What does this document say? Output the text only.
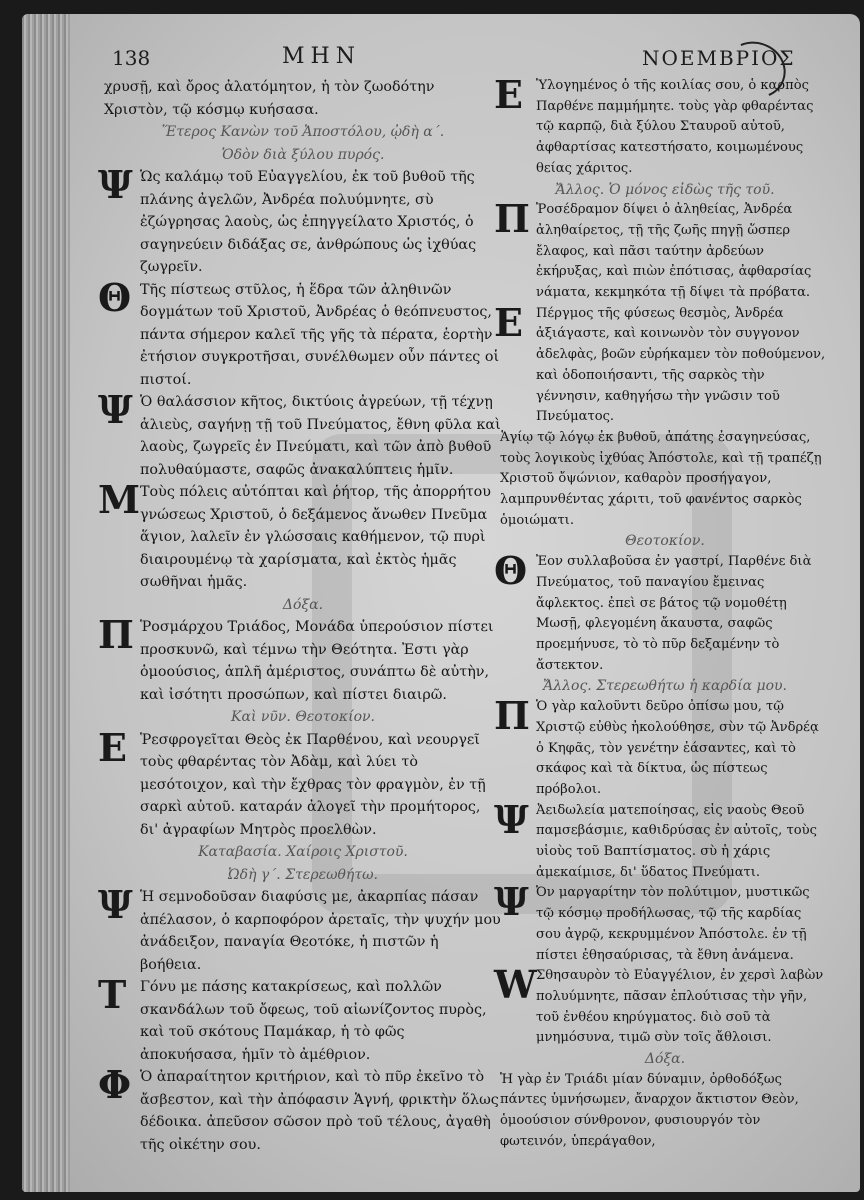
138	ΜΗΝ	ΝΟΕΜΒΡΙΟΣ

χρυσῇ, καὶ ὄρος ἀλατόμητον, ἡ τὸν ζωοδότην Χριστὸν, τῷ κόσμῳ κυήσασα.

Ἕτερος Κανὼν τοῦ Ἀποστόλου, ᾠδὴ α΄.

Ὁδὸν διὰ ξύλου πυρός.

Ψ Ὡς καλάμῳ τοῦ Εὐαγγελίου, ἐκ τοῦ βυθοῦ τῆς πλάνης ἀγελῶν, Ἀνδρέα πολυύμνητε, σὺ ἐζώγρησας λαοὺς, ὡς ἐπηγγείλατο Χριστός, ὁ σαγηνεύειν διδάξας σε, ἀνθρώπους ὡς ἰχθύας ζωγρεῖν.

Θ Τῆς πίστεως στῦλος, ἡ ἕδρα τῶν ἀληθινῶν δογμάτων τοῦ Χριστοῦ, Ἀνδρέας ὁ θεόπνευστος, πάντα σήμερον καλεῖ τῆς γῆς τὰ πέρατα, ἑορτὴν ἐτήσιον συγκροτῆσαι, συνέλθωμεν οὖν πάντες οἱ πιστοί.

Ψ Ὁ θαλάσσιον κῆτος, δικτύοις ἀγρεύων, τῇ τέχνῃ ἁλιεὺς, σαγήνῃ τῇ τοῦ Πνεύματος, ἔθνη φῦλα καὶ λαοὺς, ζωγρεῖς ἐν Πνεύματι, καὶ τῶν ἀπὸ βυθοῦ πολυθαύμαστε, σαφῶς ἀνακαλύπτεις ἡμῖν.

Μ Τοὺς πόλεις αὐτόπται καὶ ῥήτορ, τῆς ἀπορρήτου γνώσεως Χριστοῦ, ὁ δεξάμενος ἄνωθεν Πνεῦμα ἅγιον, λαλεῖν ἐν γλώσσαις καθήμενον, τῷ πυρὶ διαιρουμένῳ τὰ χαρίσματα, καὶ ἐκτὸς ἡμᾶς σωθῆναι ἡμᾶς.

Δόξα.

Π Ῥοσμάρχου Τριάδος, Μονάδα ὑπερούσιον πίστει προσκυνῶ, καὶ τέμνω τὴν Θεότητα. Ἐστι γὰρ ὁμοούσιος, ἁπλῆ ἀμέριστος, συνάπτω δὲ αὐτὴν, καὶ ἰσότητι προσώπων, καὶ πίστει διαιρῶ.

Καὶ νῦν. Θεοτοκίον.

Ε Ῥεσφρογεῖται Θεὸς ἐκ Παρθένου, καὶ νεουργεῖ τοὺς φθαρέντας τὸν Ἀδὰμ, καὶ λύει τὸ μεσότοιχον, καὶ τὴν ἔχθρας τὸν φραγμὸν, ἐν τῇ σαρκὶ αὐτοῦ. καταράν ἀλογεῖ τὴν προμήτορος, δι' ἀγραφίων Μητρὸς προελθὼν.

Καταβασία. Χαίροις Χριστοῦ.

Ὠδὴ γ΄. Στερεωθήτω.

Ψ Ἡ σεμνοδοῦσαν διαφύσις με, ἀκαρπίας πάσαν ἀπέλασον, ὁ καρποφόρον ἀρεταῖς, τὴν ψυχήν μου ἀνάδειξον, παναγία Θεοτόκε, ἡ πιστῶν ἡ βοήθεια.

Τ Γόνυ με πάσης κατακρίσεως, καὶ πολλῶν σκανδάλων τοῦ ὄφεως, τοῦ αἰωνίζοντος πυρὸς, καὶ τοῦ σκότους Παμάκαρ, ἡ τὸ φῶς ἀποκυήσασα, ἡμῖν τὸ ἀμέθριον.

Φ Ὁ ἀπαραίτητον κριτήριον, καὶ τὸ πῦρ ἐκεῖνο τὸ ἄσβεστον, καὶ τὴν ἀπόφασιν Ἁγνή, φρικτὴν ὅλως δέδοικα. ἀπεῦσον σῶσον πρὸ τοῦ τέλους, ἀγαθὴ τῆς οἰκέτην σου.

Ε Ὑλογημένος ὁ τῆς κοιλίας σου, ὁ καρπὸς Παρθένε παμμήμητε. τοὺς γὰρ φθαρέντας τῷ καρπῷ, διὰ ξύλου Σταυροῦ αὐτοῦ, ἀφθαρτίσας κατεστήσατο, κοιμωμένους θείας χάριτος.

Ἄλλος. Ὁ μόνος εἰδὼς τῆς τοῦ.

Π Ῥοσέδραμον δίψει ὁ ἀληθείας, Ἀνδρέα ἀληθαίρετος, τῇ τῆς ζωῆς πηγῇ ὥσπερ ἔλαφος, καὶ πᾶσι ταύτην ἀρδεύων ἐκήρυξας, καὶ πιὼν ἐπότισας, ἀφθαρσίας νάματα, κεκμηκότα τῇ δίψει τὰ πρόβατα.

Ε Πέργμος τῆς φύσεως θεσμὸς, Ἀνδρέα ἀξιάγαστε, καὶ κοινωνὸν τὸν συγγονον ἀδελφὰς, βοῶν εὑρήκαμεν τὸν ποθούμενον, καὶ ὁδοποιήσαντι, τῆς σαρκὸς τὴν γέννησιν, καθηγήσω τὴν γνῶσιν τοῦ Πνεύματος.

Ἁγίῳ τῷ λόγῳ ἐκ βυθοῦ, ἀπάτης ἐσαγηνεύσας, τοὺς λογικοὺς ἰχθύας Ἀπόστολε, καὶ τῇ τραπέζῃ Χριστοῦ ὄψώνιον, καθαρὸν προσήγαγον, λαμπρυνθέντας χάριτι, τοῦ φανέντος σαρκὸς ὁμοιώματι.

Θεοτοκίον.

Θ Ἐον συλλαβοῦσα ἐν γαστρί, Παρθένε διὰ Πνεύματος, τοῦ παναγίου ἔμεινας ἄφλεκτος. ἐπεὶ σε βάτος τῷ νομοθέτῃ Μωσῇ, φλεγομένη ἄκαυστα, σαφῶς προεμήνυσε, τὸ τὸ πῦρ δεξαμένην τὸ ἄστεκτον.

Ἄλλος. Στερεωθήτω ἡ καρδία μου.

Π Ὁ γὰρ καλοῦντι δεῦρο ὀπίσω μου, τῷ Χριστῷ εὐθὺς ἠκολούθησε, σὺν τῷ Ἀνδρέᾳ ὁ Κηφᾶς, τὸν γενέτην ἐάσαντες, καὶ τὸ σκάφος καὶ τὰ δίκτυα, ὡς πίστεως πρόβολοι.

Ψ Ἀειδωλεία ματεποίησας, εἰς ναοὺς Θεοῦ παμσεβάσμιε, καθιδρύσας ἐν αὐτοῖς, τοὺς υἱοὺς τοῦ Βαπτίσματος. σὺ ἡ χάρις ἀμεκαίμισε, δι' ὕδατος Πνεύματι.

Ψ Ὀν μαργαρίτην τὸν πολύτιμον, μυστικῶς τῷ κόσμῳ προδήλωσας, τῷ τῆς καρδίας σου ἀγρῷ, κεκρυμμένον Ἀπόστολε. ἐν τῇ πίστει ἐθησαύρισας, τὰ ἔθνη ἀνάμενα.

W Σθησαυρὸν τὸ Εὐαγγέλιον, ἐν χερσὶ λαβὼν πολυύμνητε, πᾶσαν ἐπλούτισας τὴν γῆν, τοῦ ἐνθέου κηρύγματος. διὸ σοῦ τὰ μνημόσυνα, τιμῶ σὺν τοῖς ἄθλοισι.

Δόξα.

Ἡ γὰρ ἐν Τριάδι μίαν δύναμιν, ὀρθοδόξως πάντες ὑμνήσωμεν, ἄναρχον ἄκτιστον Θεὸν, ὁμοούσιον σύνθρονον, φυσιουργόν τὸν φωτεινόν, ὑπεράγαθον,
